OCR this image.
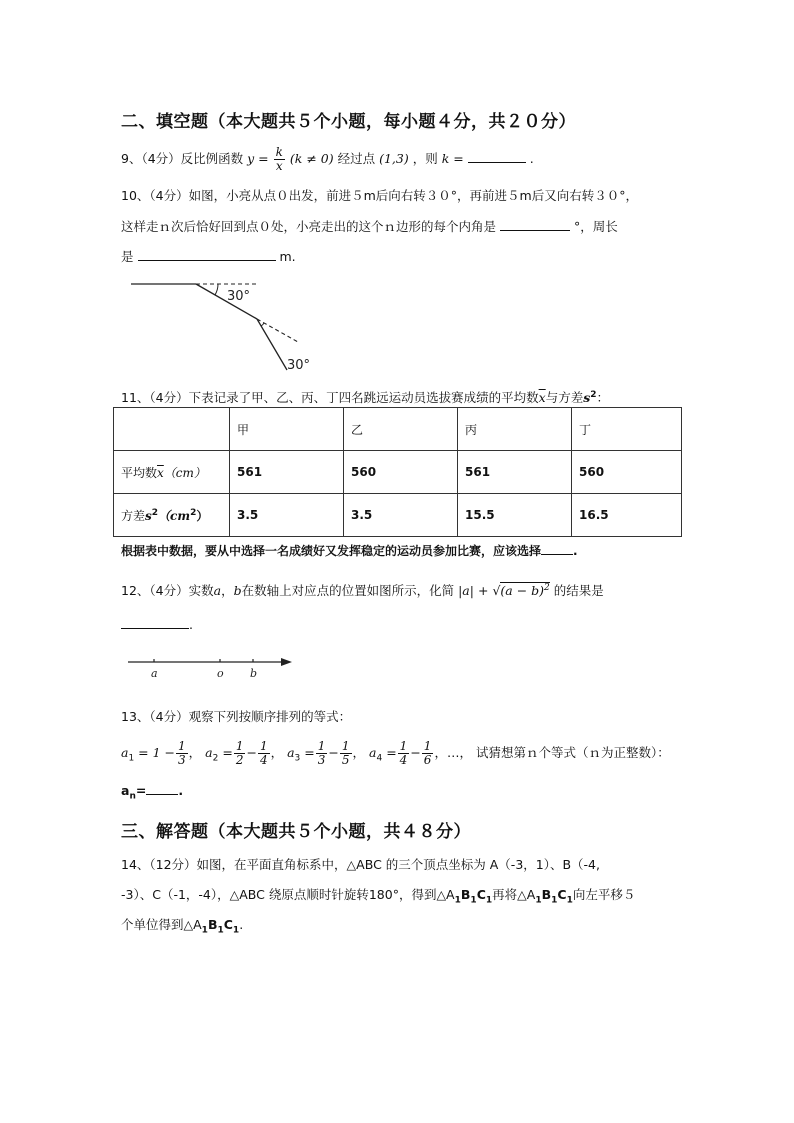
二、填空题（本大题共５个小题，每小题４分，共２０分）
9、（4分）反比例函数 $y = \frac{k}{x} (k \ne 0)$ 经过点 (1,3) ，则 k =	.
10、（4分）如图，小亮从点０出发，前进５m后向右转３０°，再前进５m后又向右转３０°，
这样走ｎ次后恰好回到点０处，小亮走出的这个ｎ边形的每个内角是	°，周长
是	m.
30°
30°
11、（4分）下表记录了甲、乙、丙、丁四名跳远运动员选拔赛成绩的平均数$\overline{x}$与方差$s^2$：
	甲	乙	丙	丁
平均数$\overline{x}(cm)$	561	560	561	560
方差$s^2(cm^2)$	3.5	3.5	15.5	16.5
根据表中数据，要从中选择一名成绩好又发挥稳定的运动员参加比赛，应该选择	.
12、（4分）实数a，b在数轴上对应点的位置如图所示，化简 $|a| + √(a - b)^2$ 的结果是
.
a	o b
13、（4分）观察下列按顺序排列的等式：
$a_1 = 1 - \frac{1}{3}$ ， $a_2 = \frac{1}{2} - \frac{1}{4}$ ， $a_3 = \frac{1}{3} - \frac{1}{5}$ ， $a_4 = \frac{1}{4} - \frac{1}{6}$ ，…， 试猜想第ｎ个等式（ｎ为正整数）：
$a_n=$	.
三、解答题（本大题共５个小题，共４８分）
14、（12分）如图，在平面直角标系中，△ABC 的三个顶点坐标为 A（-3，1）、B（-4,
-3）、C（-1，-4），△ABC 绕原点顺时针旋转180°，得到$\triangle A_1B_1C_1$再将$\triangle A_1B_1C_1$向左平移５
个单位得到$\triangle A_1B_1C_1$.
